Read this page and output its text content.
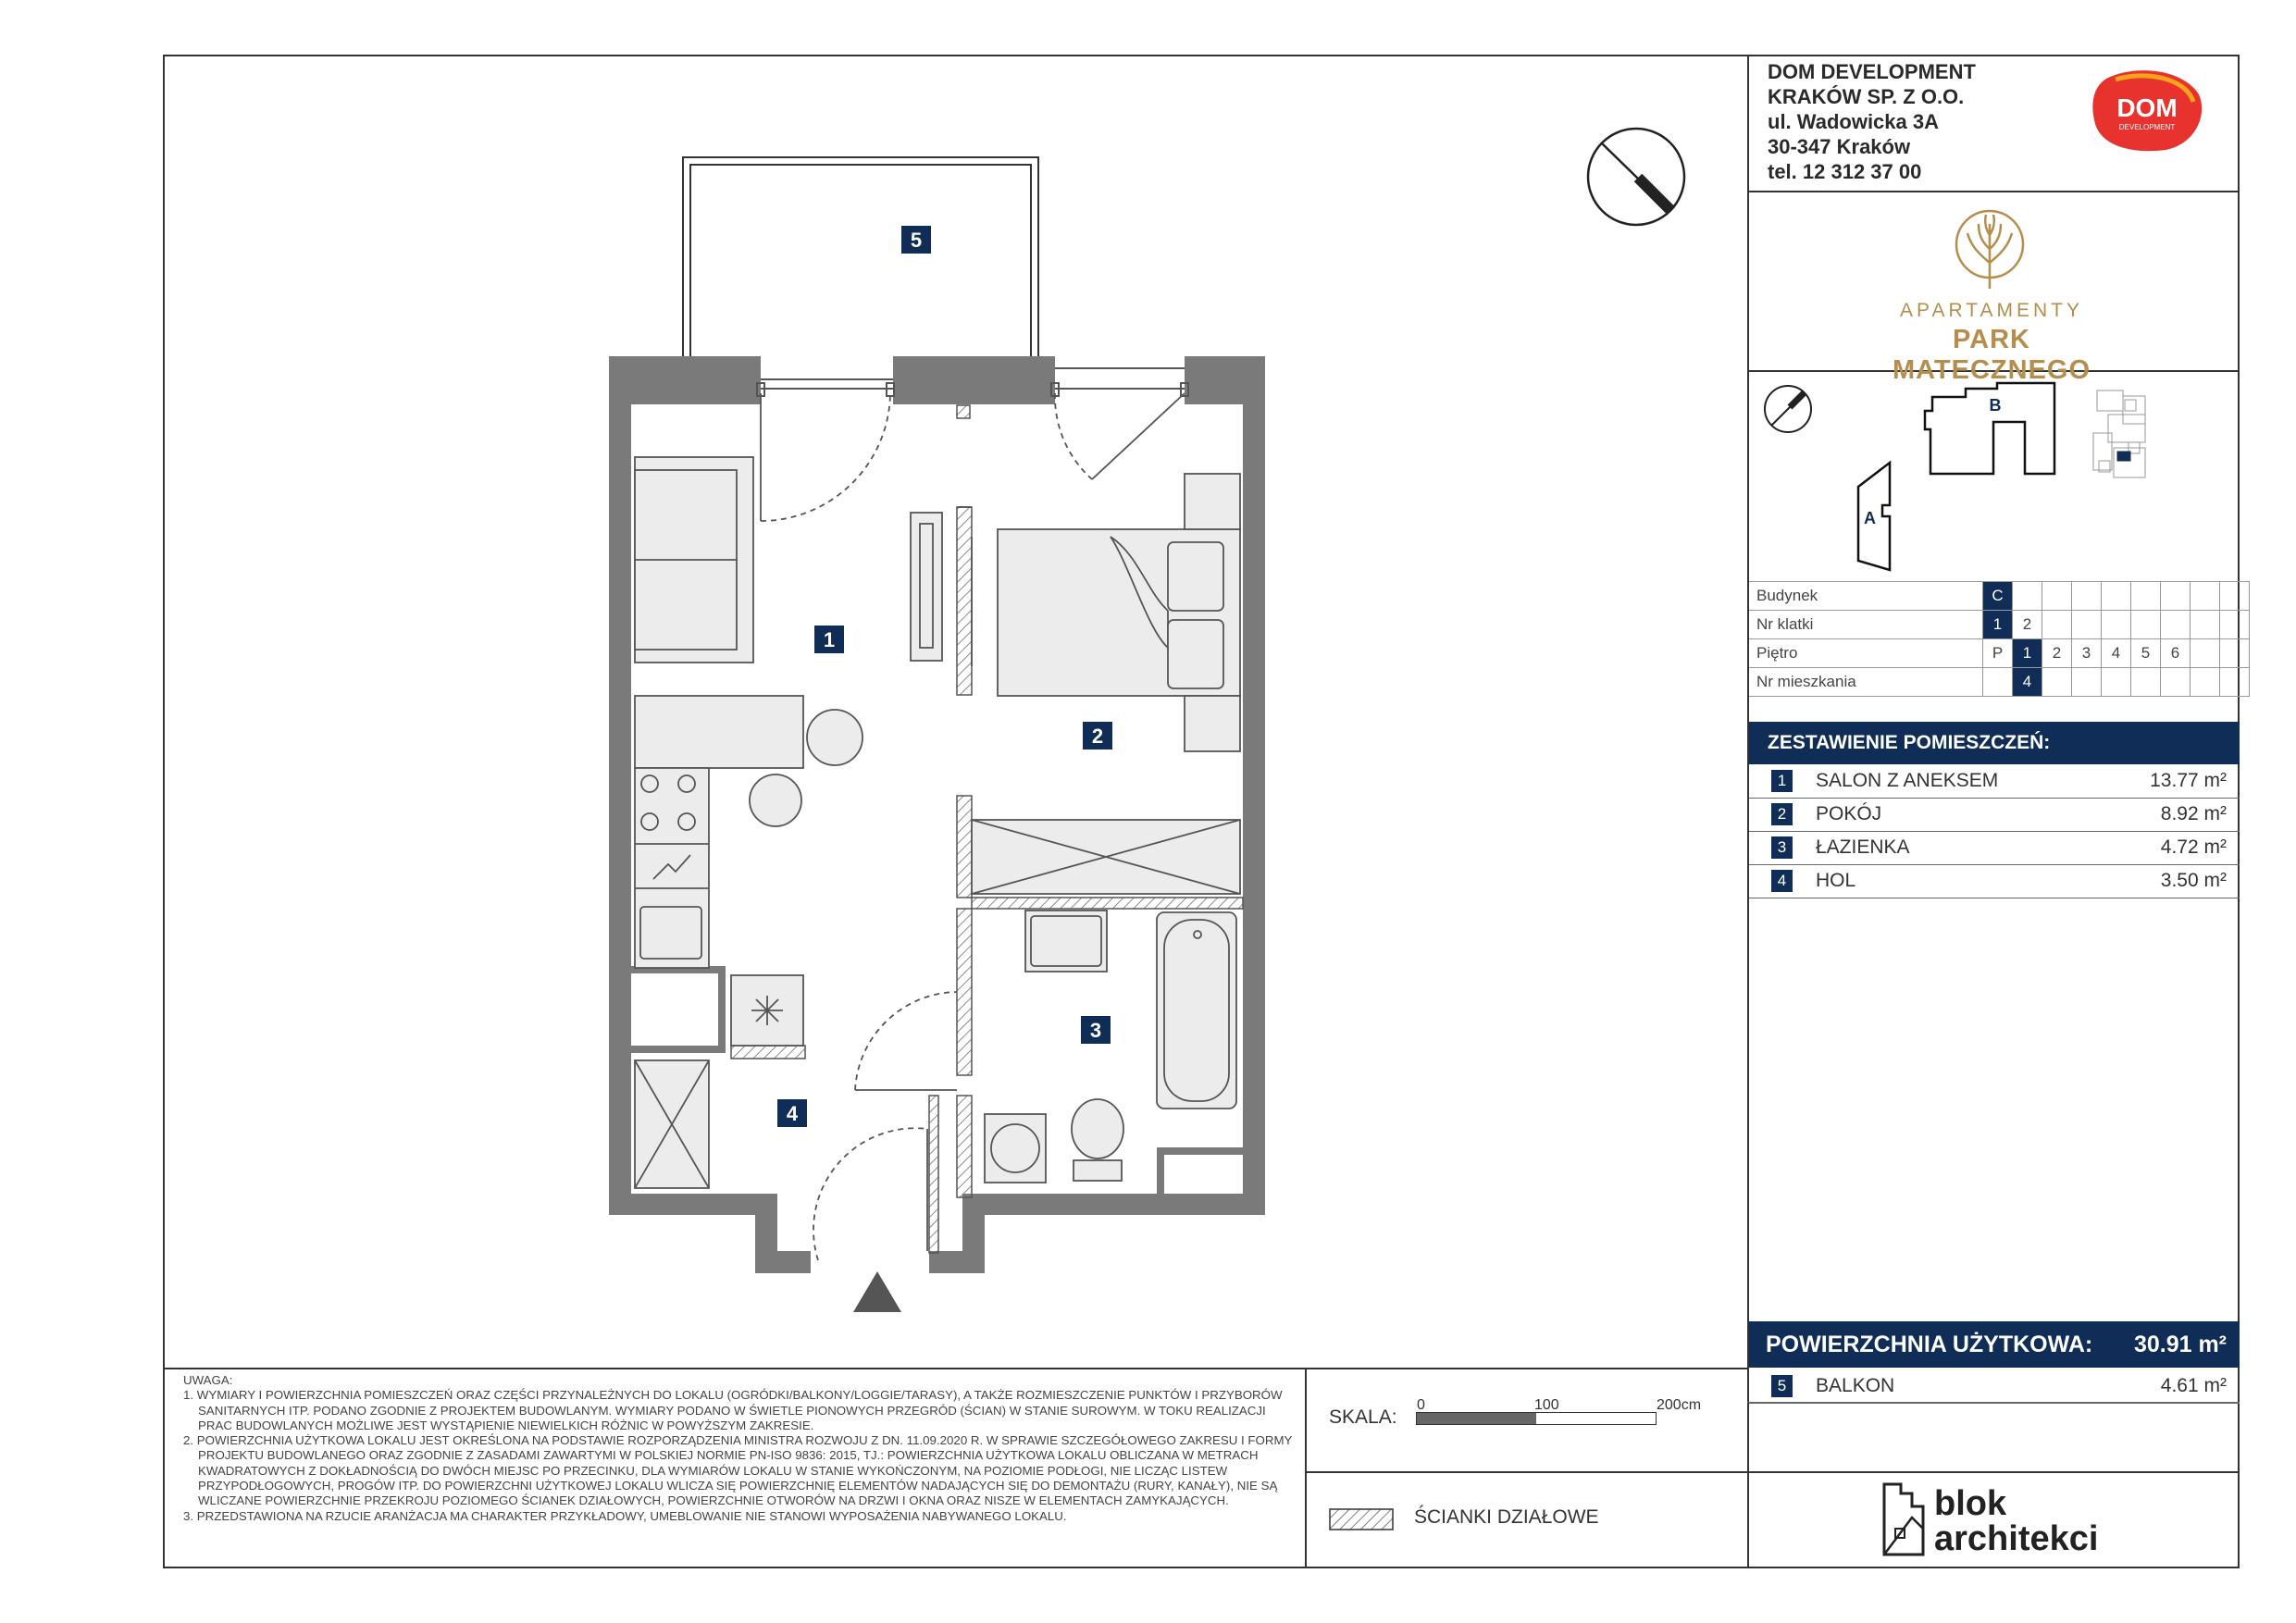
DOM DEVELOPMENT
KRAKÓW SP. Z O.O.
ul. Wadowicka 3A
30-347 Kraków
tel. 12 312 37 00
DOM
DEVELOPMENT
APARTAMENTY
PARK MATECZNEGO
B
A
Budynek	C								
Nr klatki	1	2							
Piętro	P	1	2	3	4	5	6		
Nr mieszkania		4							
ZESTAWIENIE POMIESZCZEŃ:
1	SALON Z ANEKSEM	13.77 m²
2	POKÓJ	8.92 m²
3	ŁAZIENKA	4.72 m²
4	HOL	3.50 m²
POWIERZCHNIA UŻYTKOWA: 30.91 m²
5	BALKON	4.61 m²
blok
architekci

UWAGA:

1. WYMIARY I POWIERZCHNIA POMIESZCZEŃ ORAZ CZĘŚCI PRZYNALEŻNYCH DO LOKALU (OGRÓDKI/BALKONY/LOGGIE/TARASY), A TAKŻE ROZMIESZCZENIE PUNKTÓW I PRZYBORÓW SANITARNYCH ITP. PODANO ZGODNIE Z PROJEKTEM BUDOWLANYM. WYMIARY PODANO W ŚWIETLE PIONOWYCH PRZEGRÓD (ŚCIAN) W STANIE SUROWYM. W TOKU REALIZACJI PRAC BUDOWLANYCH MOŻLIWE JEST WYSTĄPIENIE NIEWIELKICH RÓŻNIC W POWYŻSZYM ZAKRESIE.

2. POWIERZCHNIA UŻYTKOWA LOKALU JEST OKREŚLONA NA PODSTAWIE ROZPORZĄDZENIA MINISTRA ROZWOJU Z DN. 11.09.2020 R. W SPRAWIE SZCZEGÓŁOWEGO ZAKRESU I FORMY PROJEKTU BUDOWLANEGO ORAZ ZGODNIE Z ZASADAMI ZAWARTYMI W POLSKIEJ NORMIE PN-ISO 9836: 2015, TJ.: POWIERZCHNIA UŻYTKOWA LOKALU OBLICZANA W METRACH KWADRATOWYCH Z DOKŁADNOŚCIĄ DO DWÓCH MIEJSC PO PRZECINKU, DLA WYMIARÓW LOKALU W STANIE WYKOŃCZONYM, NA POZIOMIE PODŁOGI, NIE LICZĄC LISTEW PRZYPODŁOGOWYCH, PROGÓW ITP. DO POWIERZCHNI UŻYTKOWEJ LOKALU WLICZA SIĘ POWIERZCHNIĘ ELEMENTÓW NADAJĄCYCH SIĘ DO DEMONTAŻU (RURY, KANAŁY), NIE SĄ WLICZANE POWIERZCHNIE PRZEKROJU POZIOMEGO ŚCIANEK DZIAŁOWYCH, POWIERZCHNIE OTWORÓW NA DRZWI I OKNA ORAZ NISZE W ELEMENTACH ZAMYKAJĄCYCH.

3. PRZEDSTAWIONA NA RZUCIE ARANŻACJA MA CHARAKTER PRZYKŁADOWY, UMEBLOWANIE NIE STANOWI WYPOSAŻENIA NABYWANEGO LOKALU.

SKALA:
0	100	200cm
ŚCIANKI DZIAŁOWE
1
2
3
4
5
